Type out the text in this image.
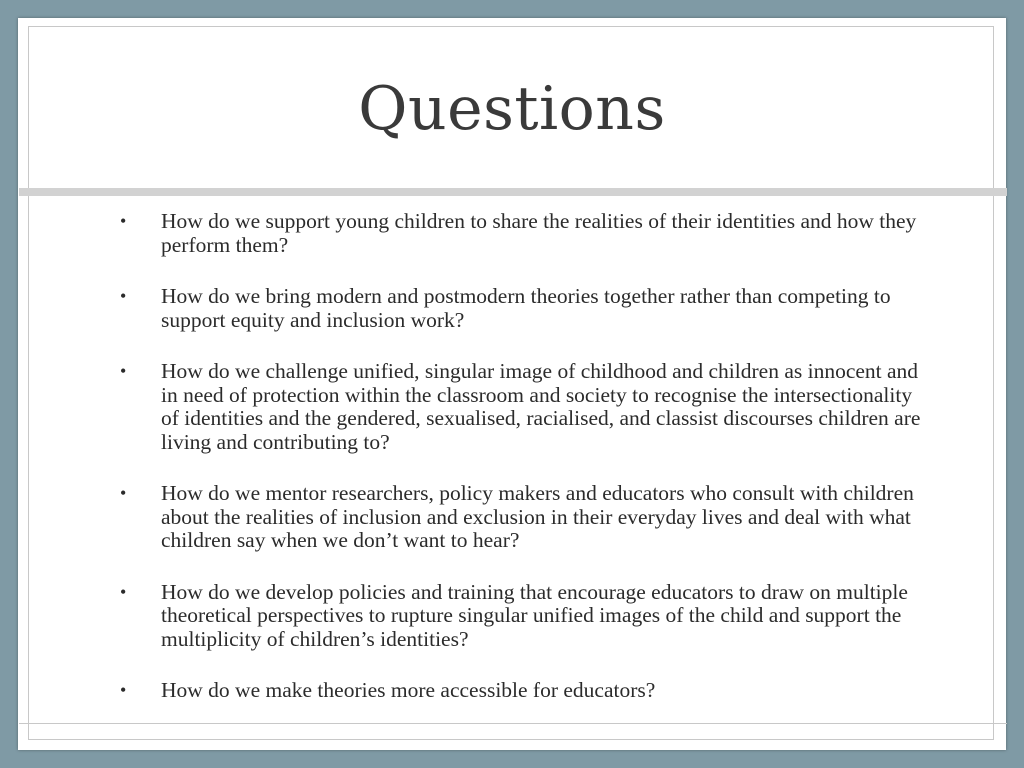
Questions
• How do we support young children to share the realities of their identities and how they perform them?
• How do we bring modern and postmodern theories together rather than competing to support equity and inclusion work?
• How do we challenge unified, singular image of childhood and children as innocent and in need of protection within the classroom and society to recognise the intersectionality of identities and the gendered, sexualised, racialised, and classist discourses children are living and contributing to?
• How do we mentor researchers, policy makers and educators who consult with children about the realities of inclusion and exclusion in their everyday lives and deal with what children say when we don’t want to hear?
• How do we develop policies and training that encourage educators to draw on multiple theoretical perspectives to rupture singular unified images of the child and support the multiplicity of children’s identities?
• How do we make theories more accessible for educators?
